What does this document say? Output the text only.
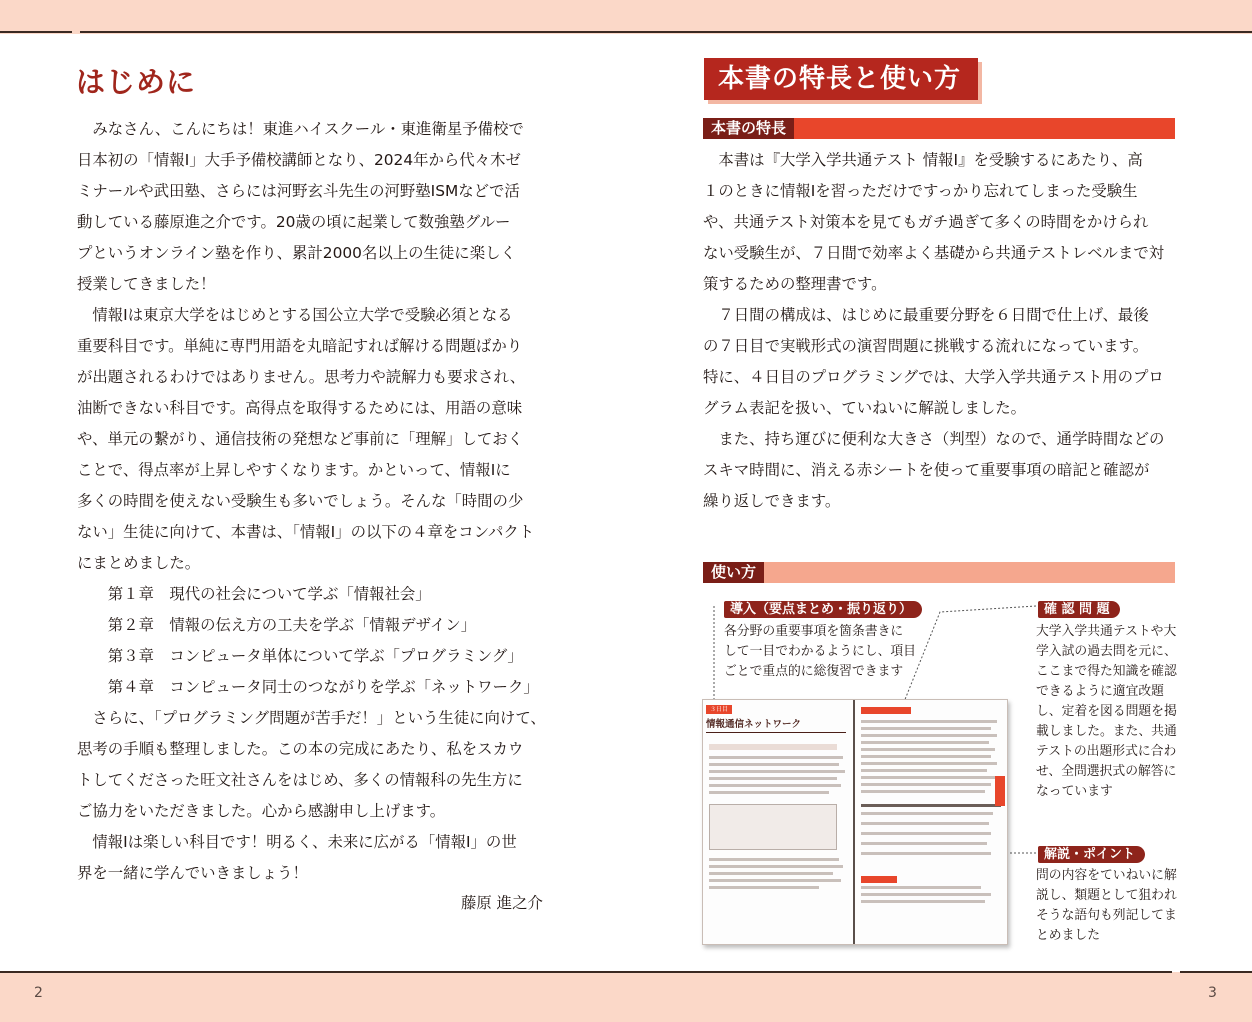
2	3
はじめに

　みなさん、こんにちは！東進ハイスクール・東進衛星予備校で

日本初の「情報Ⅰ」大手予備校講師となり、2024年から代々木ゼ

ミナールや武田塾、さらには河野玄斗先生の河野塾ISMなどで活

動している藤原進之介です。20歳の頃に起業して数強塾グルー

プというオンライン塾を作り、累計2000名以上の生徒に楽しく

授業してきました！

　情報Ⅰは東京大学をはじめとする国公立大学で受験必須となる

重要科目です。単純に専門用語を丸暗記すれば解ける問題ばかり

が出題されるわけではありません。思考力や読解力も要求され、

油断できない科目です。高得点を取得するためには、用語の意味

や、単元の繋がり、通信技術の発想など事前に「理解」しておく

ことで、得点率が上昇しやすくなります。かといって、情報Ⅰに

多くの時間を使えない受験生も多いでしょう。そんな「時間の少

ない」生徒に向けて、本書は、「情報Ⅰ」の以下の４章をコンパクト

にまとめました。

　　第１章　現代の社会について学ぶ「情報社会」

　　第２章　情報の伝え方の工夫を学ぶ「情報デザイン」

　　第３章　コンピュータ単体について学ぶ「プログラミング」

　　第４章　コンピュータ同士のつながりを学ぶ「ネットワーク」

　さらに、「プログラミング問題が苦手だ！」という生徒に向けて、

思考の手順も整理しました。この本の完成にあたり、私をスカウ

トしてくださった旺文社さんをはじめ、多くの情報科の先生方に

ご協力をいただきました。心から感謝申し上げます。

　情報Ⅰは楽しい科目です！明るく、未来に広がる「情報Ⅰ」の世

界を一緒に学んでいきましょう！

藤原 進之介
本書の特長と使い方
本書の特長

　本書は『大学入学共通テスト 情報Ⅰ』を受験するにあたり、高

１のときに情報Ⅰを習っただけですっかり忘れてしまった受験生

や、共通テスト対策本を見てもガチ過ぎて多くの時間をかけられ

ない受験生が、７日間で効率よく基礎から共通テストレベルまで対

策するための整理書です。

　７日間の構成は、はじめに最重要分野を６日間で仕上げ、最後

の７日目で実戦形式の演習問題に挑戦する流れになっています。

特に、４日目のプログラミングでは、大学入学共通テスト用のプロ

グラム表記を扱い、ていねいに解説しました。

　また、持ち運びに便利な大きさ（判型）なので、通学時間などの

スキマ時間に、消える赤シートを使って重要事項の暗記と確認が

繰り返しできます。

使い方
導入（要点まとめ・振り返り）

各分野の重要事項を箇条書きに

して一目でわかるようにし、項目

ごとで重点的に総復習できます

確 認 問 題

大学入学共通テストや大

学入試の過去問を元に、

ここまで得た知識を確認

できるように適宜改題

し、定着を図る問題を掲

載しました。また、共通

テストの出題形式に合わ

せ、全問選択式の解答に

なっています

解説・ポイント

問の内容をていねいに解

説し、類題として狙われ

そうな語句も列記してま

とめました

３日目
情報通信ネットワーク
